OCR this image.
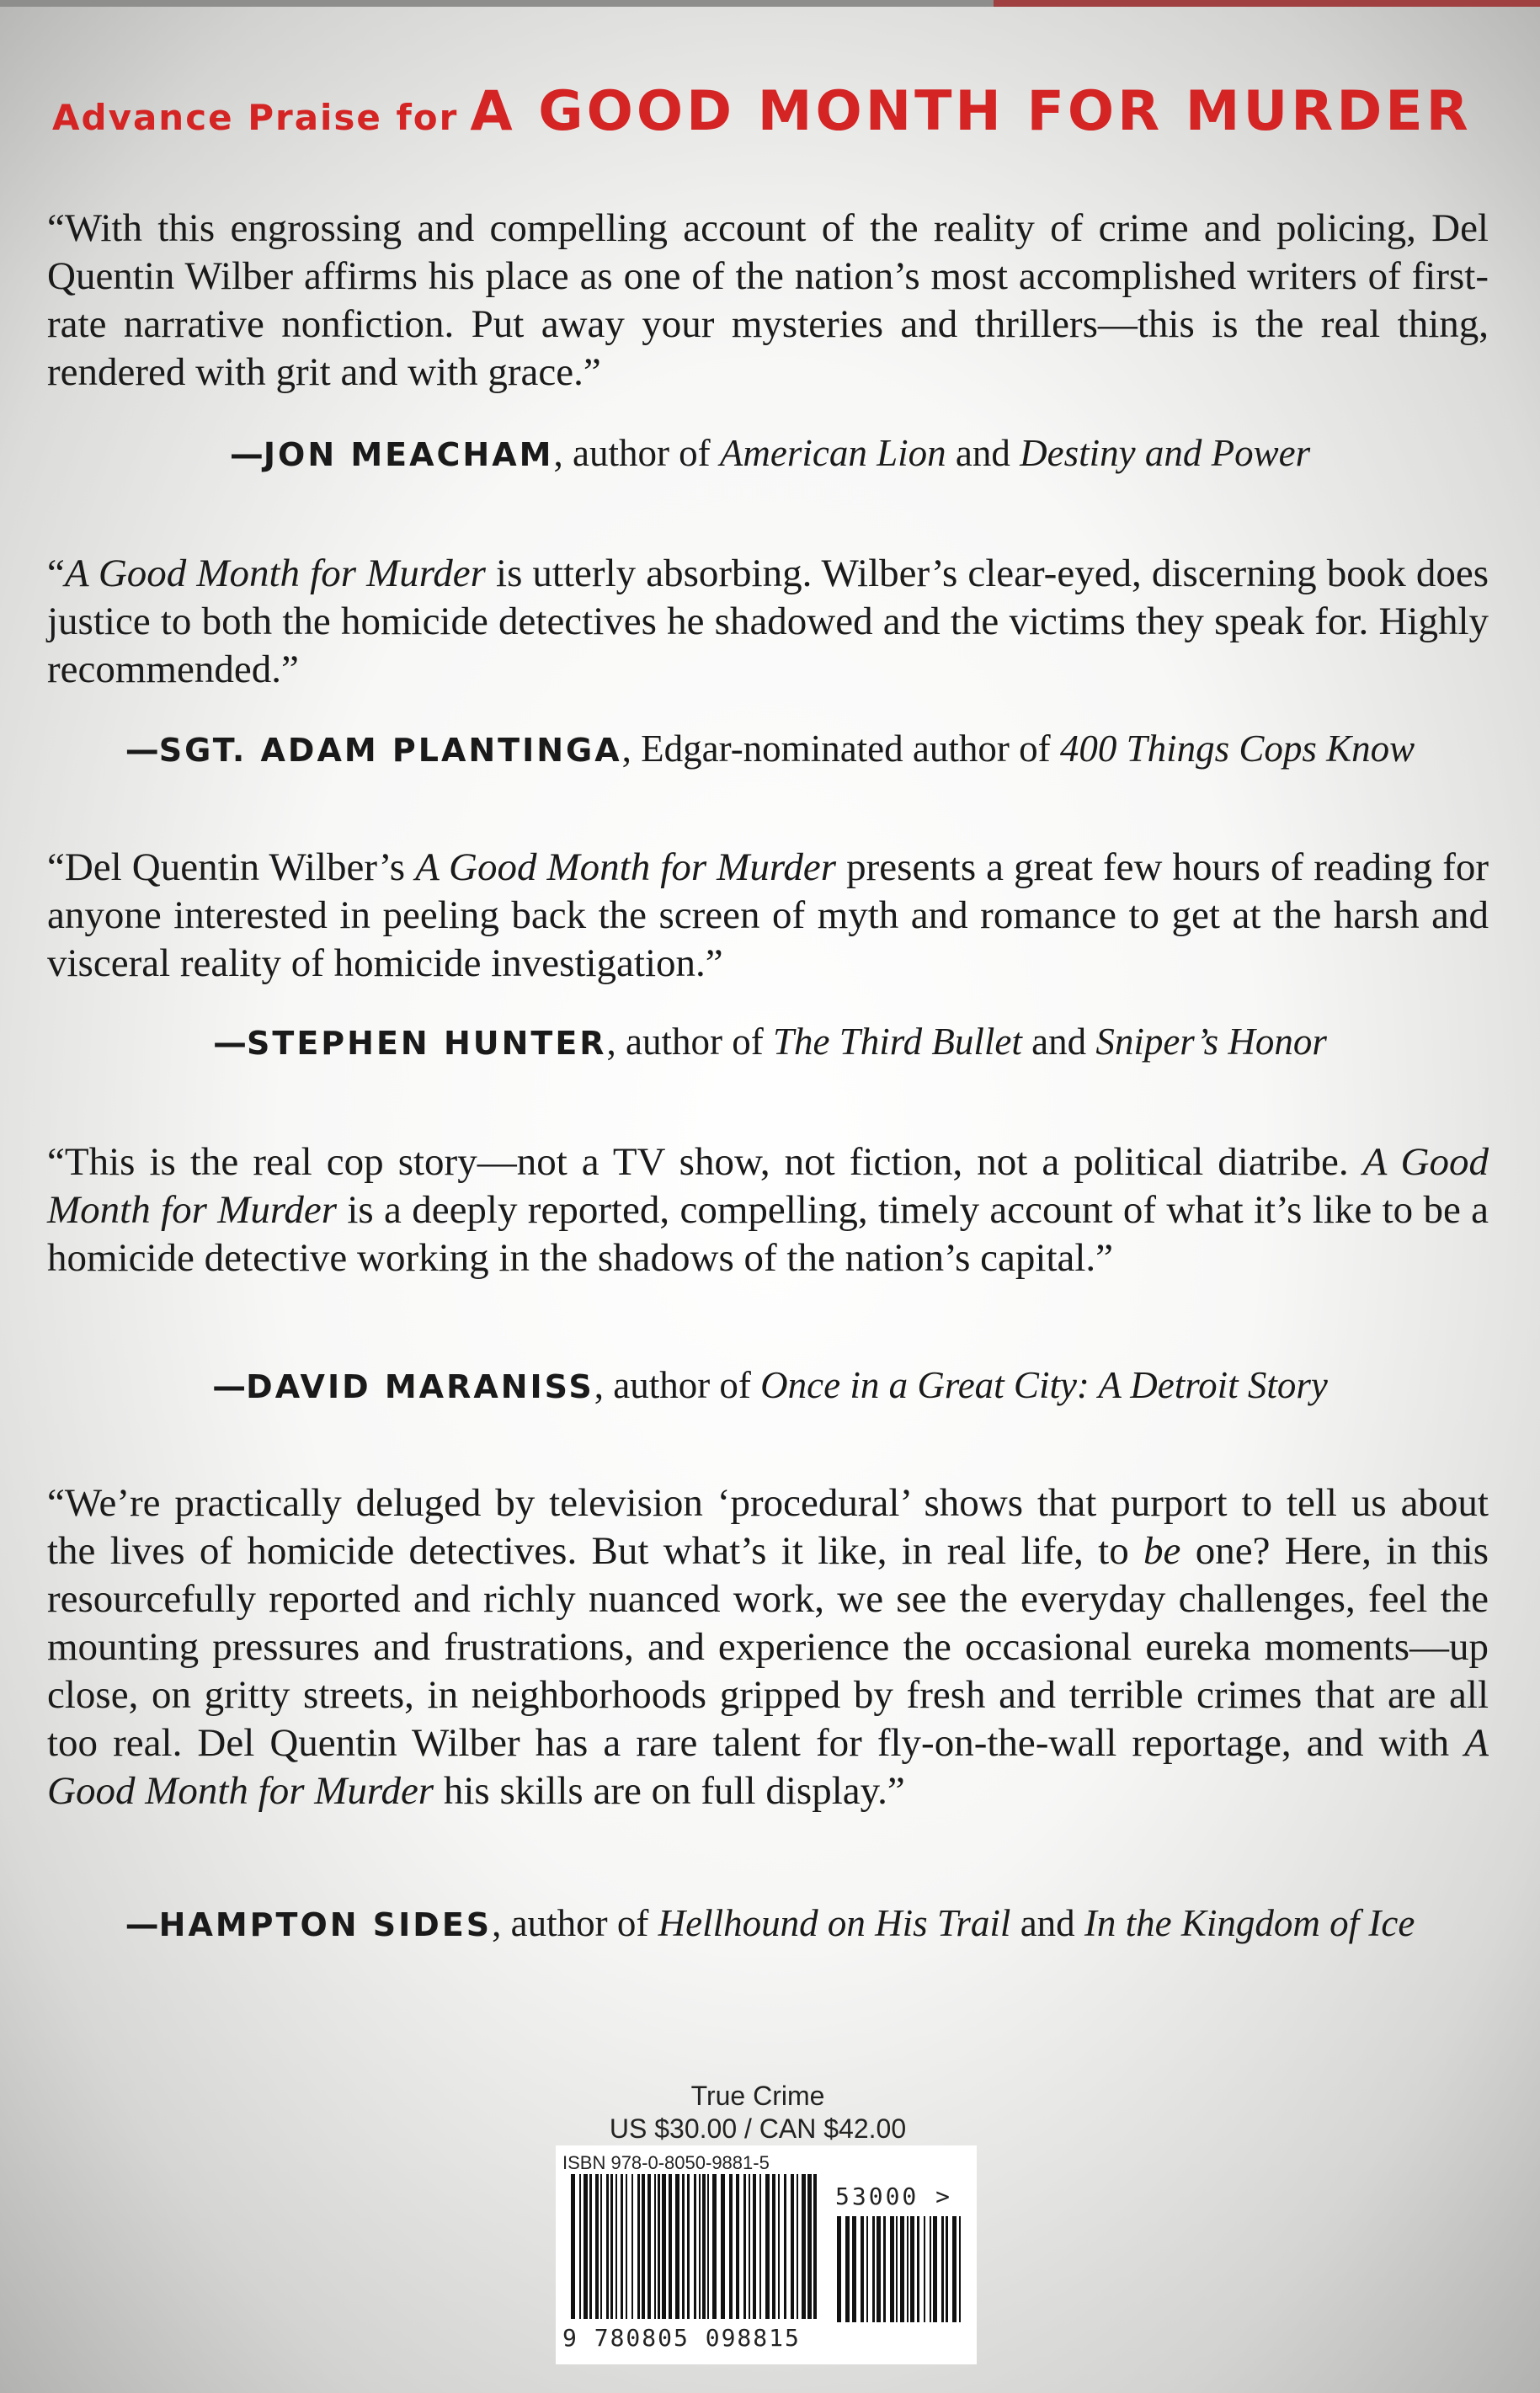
Advance Praise for A GOOD MONTH FOR MURDER
“With this engrossing and compelling account of the reality of crime and policing, Del Quentin Wilber affirms his place as one of the nation’s most accomplished writers of first-rate narrative nonfiction. Put away your mysteries and thrillers—this is the real thing, rendered with grit and with grace.”
—JON MEACHAM, author of American Lion and Destiny and Power
“A Good Month for Murder is utterly absorbing. Wilber’s clear-eyed, discerning book does justice to both the homicide detectives he shadowed and the victims they speak for. Highly recommended.”
—SGT. ADAM PLANTINGA, Edgar-nominated author of 400 Things Cops Know
“Del Quentin Wilber’s A Good Month for Murder presents a great few hours of reading for anyone interested in peeling back the screen of myth and romance to get at the harsh and visceral reality of homicide investigation.”
—STEPHEN HUNTER, author of The Third Bullet and Sniper’s Honor
“This is the real cop story—not a TV show, not fiction, not a political diatribe. A Good Month for Murder is a deeply reported, compelling, timely account of what it’s like to be a homicide detective working in the shadows of the nation’s capital.”
—DAVID MARANISS, author of Once in a Great City: A Detroit Story
“We’re practically deluged by television ‘procedural’ shows that purport to tell us about the lives of homicide detectives. But what’s it like, in real life, to be one? Here, in this resourcefully reported and richly nuanced work, we see the everyday challenges, feel the mounting pressures and frustrations, and experience the occasional eureka moments—up close, on gritty streets, in neighborhoods gripped by fresh and terrible crimes that are all too real. Del Quentin Wilber has a rare talent for fly-on-the-wall reportage, and with A Good Month for Murder his skills are on full display.”
—HAMPTON SIDES, author of Hellhound on His Trail and In the Kingdom of Ice
True Crime
US $30.00 / CAN $42.00
ISBN 978-0-8050-9881-5
53000 >
9 780805 098815
